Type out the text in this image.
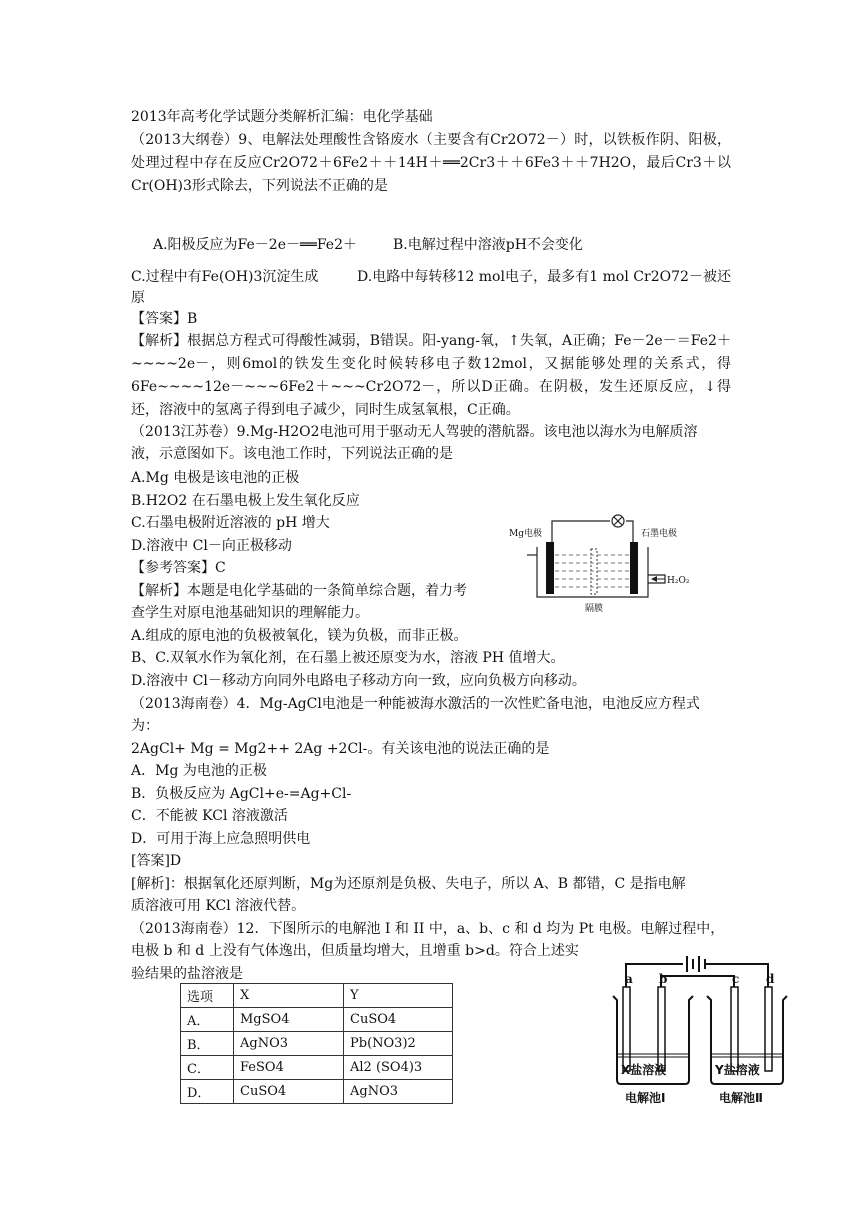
2013年高考化学试题分类解析汇编：电化学基础
（2013大纲卷）9、电解法处理酸性含铬废水（主要含有Cr2O72－）时，以铁板作阴、阳极，处理过程中存在反应Cr2O72＋6Fe2＋＋14H＋══2Cr3＋＋6Fe3＋＋7H2O，最后Cr3＋以Cr(OH)3形式除去，下列说法不正确的是
A.阳极反应为Fe－2e－══Fe2＋	B.电解过程中溶液pH不会变化
C.过程中有Fe(OH)3沉淀生成	D.电路中每转移12 mol电子，最多有1 mol Cr2O72－被还原
【答案】B
【解析】根据总方程式可得酸性减弱，B错误。阳-yang-氧，↑失氧，A正确；Fe－2e－＝Fe2＋~~~~2e－，则6mol的铁发生变化时候转移电子数12mol，又据能够处理的关系式，得6Fe~~~~12e－~~~6Fe2＋~~~Cr2O72－，所以D正确。在阴极，发生还原反应，↓得还，溶液中的氢离子得到电子减少，同时生成氢氧根，C正确。
（2013江苏卷）9.Mg-H2O2电池可用于驱动无人驾驶的潜航器。该电池以海水为电解质溶
液，示意图如下。该电池工作时，下列说法正确的是
A.Mg 电极是该电池的正极
B.H2O2 在石墨电极上发生氧化反应
C.石墨电极附近溶液的 pH 增大
D.溶液中 Cl－向正极移动
【参考答案】C
【解析】本题是电化学基础的一条简单综合题，着力考
查学生对原电池基础知识的理解能力。
A.组成的原电池的负极被氧化，镁为负极，而非正极。
B、C.双氧水作为氧化剂，在石墨上被还原变为水，溶液 PH 值增大。
D.溶液中 Cl－移动方向同外电路电子移动方向一致，应向负极方向移动。
Mg电极	石墨电极
H₂O₂
隔膜
（2013海南卷）4．Mg-AgCl电池是一种能被海水激活的一次性贮备电池，电池反应方程式
为：
2AgCl+ Mg = Mg2++ 2Ag +2Cl-。有关该电池的说法正确的是
A．Mg 为电池的正极
B．负极反应为 AgCl+e-=Ag+Cl-
C．不能被 KCl 溶液激活
D．可用于海上应急照明供电
[答案]D
[解析]：根据氧化还原判断，Mg为还原剂是负极、失电子，所以 A、B 都错，C 是指电解
质溶液可用 KCl 溶液代替。
（2013海南卷）12．下图所示的电解池 I 和 II 中，a、b、c 和 d 均为 Pt 电极。电解过程中，
电极 b 和 d 上没有气体逸出，但质量均增大，且增重 b>d。符合上述实
验结果的盐溶液是
选项	X	Y
A．	MgSO4	CuSO4
B．	AgNO3	Pb(NO3)2
C．	FeSO4	Al2 (SO4)3
D．	CuSO4	AgNO3
a b	c d
X盐溶液	Y盐溶液
电解池Ⅰ	电解池Ⅱ
